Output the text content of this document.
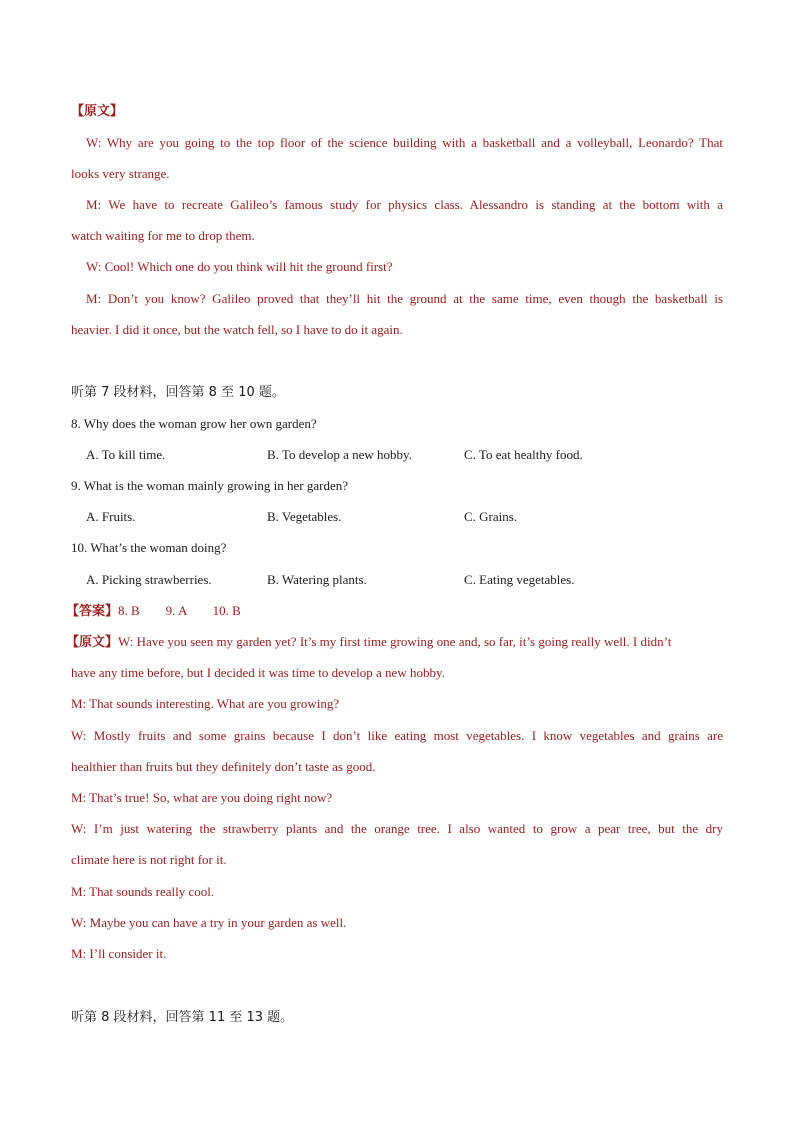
【原文】
W: Why are you going to the top floor of the science building with a basketball and a volleyball, Leonardo? That
looks very strange.
M: We have to recreate Galileo’s famous study for physics class. Alessandro is standing at the bottom with a
watch waiting for me to drop them.
W: Cool! Which one do you think will hit the ground first?
M: Don’t you know? Galileo proved that they’ll hit the ground at the same time, even though the basketball is
heavier. I did it once, but the watch fell, so I have to do it again.
听第 7 段材料，回答第 8 至 10 题。
8. Why does the woman grow her own garden?
A. To kill time.	B. To develop a new hobby.	C. To eat healthy food.
9. What is the woman mainly growing in her garden?
A. Fruits.	B. Vegetables.	C. Grains.
10. What’s the woman doing?
A. Picking strawberries.	B. Watering plants.	C. Eating vegetables.
【答案】8. B        9. A        10. B
【原文】W: Have you seen my garden yet? It’s my first time growing one and, so far, it’s going really well. I didn’t
have any time before, but I decided it was time to develop a new hobby.
M: That sounds interesting. What are you growing?
W: Mostly fruits and some grains because I don’t like eating most vegetables. I know vegetables and grains are
healthier than fruits but they definitely don’t taste as good.
M: That’s true! So, what are you doing right now?
W: I’m just watering the strawberry plants and the orange tree. I also wanted to grow a pear tree, but the dry
climate here is not right for it.
M: That sounds really cool.
W: Maybe you can have a try in your garden as well.
M: I’ll consider it.
听第 8 段材料，回答第 11 至 13 题。
